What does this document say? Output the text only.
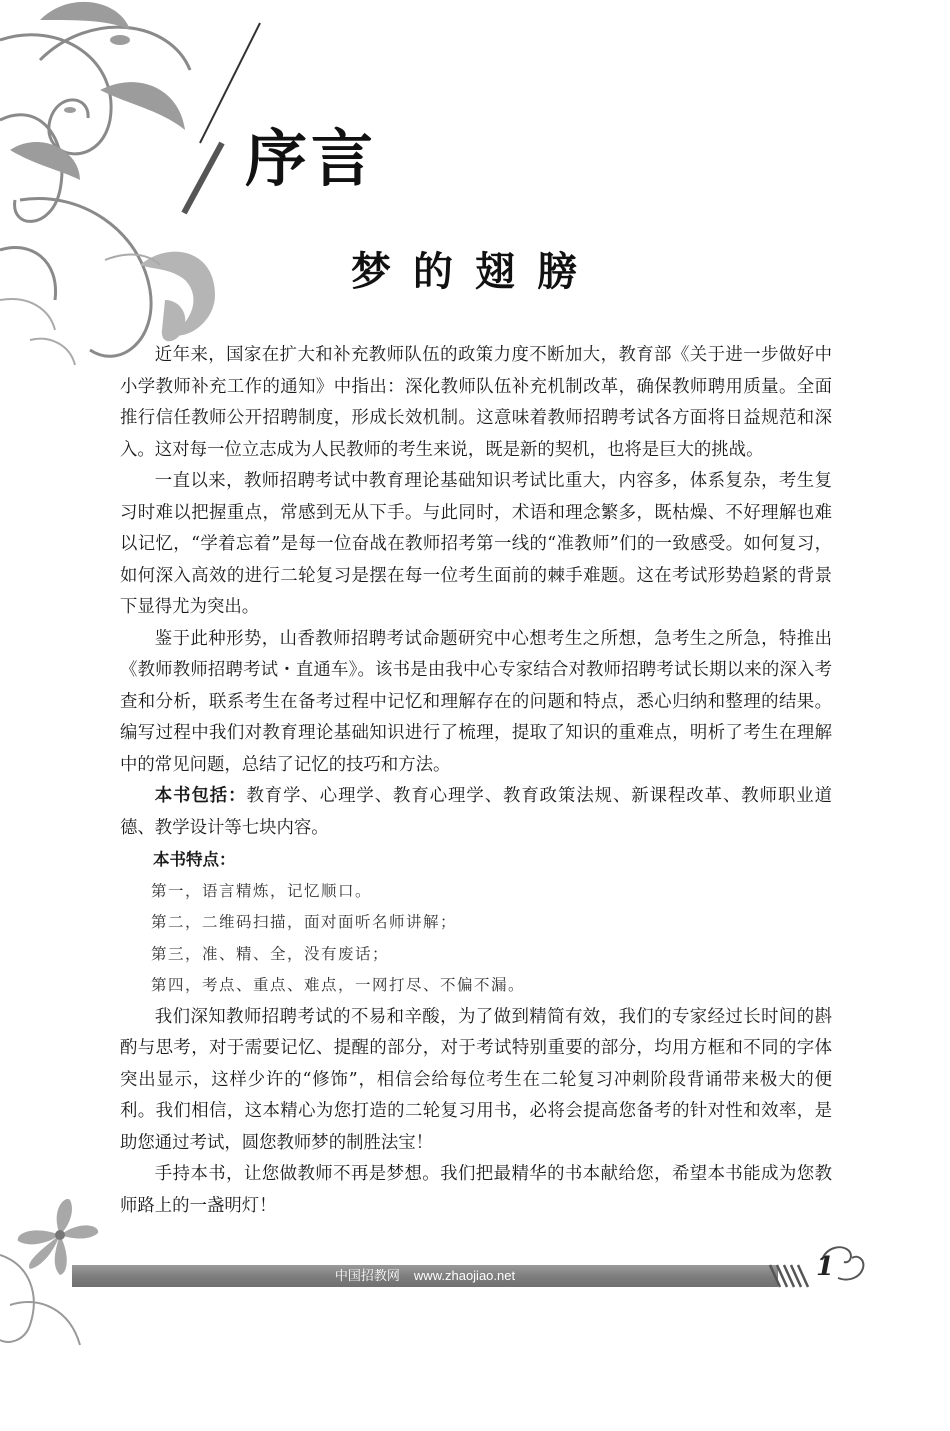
序言
梦的翅膀

近年来，国家在扩大和补充教师队伍的政策力度不断加大，教育部《关于进一步做好中小学教师补充工作的通知》中指出：深化教师队伍补充机制改革，确保教师聘用质量。全面推行信任教师公开招聘制度，形成长效机制。这意味着教师招聘考试各方面将日益规范和深入。这对每一位立志成为人民教师的考生来说，既是新的契机，也将是巨大的挑战。

一直以来，教师招聘考试中教育理论基础知识考试比重大，内容多，体系复杂，考生复习时难以把握重点，常感到无从下手。与此同时，术语和理念繁多，既枯燥、不好理解也难以记忆，“学着忘着”是每一位奋战在教师招考第一线的“准教师”们的一致感受。如何复习，如何深入高效的进行二轮复习是摆在每一位考生面前的棘手难题。这在考试形势趋紧的背景下显得尤为突出。

鉴于此种形势，山香教师招聘考试命题研究中心想考生之所想，急考生之所急，特推出《教师教师招聘考试・直通车》。该书是由我中心专家结合对教师招聘考试长期以来的深入考查和分析，联系考生在备考过程中记忆和理解存在的问题和特点，悉心归纳和整理的结果。编写过程中我们对教育理论基础知识进行了梳理，提取了知识的重难点，明析了考生在理解中的常见问题，总结了记忆的技巧和方法。

本书包括：教育学、心理学、教育心理学、教育政策法规、新课程改革、教师职业道德、教学设计等七块内容。

本书特点：

第一，语言精炼，记忆顺口。
第二，二维码扫描，面对面听名师讲解；
第三，准、精、全，没有废话；
第四，考点、重点、难点，一网打尽、不偏不漏。

我们深知教师招聘考试的不易和辛酸，为了做到精简有效，我们的专家经过长时间的斟酌与思考，对于需要记忆、提醒的部分，对于考试特别重要的部分，均用方框和不同的字体突出显示，这样少许的“修饰”，相信会给每位考生在二轮复习冲刺阶段背诵带来极大的便利。我们相信，这本精心为您打造的二轮复习用书，必将会提高您备考的针对性和效率，是助您通过考试，圆您教师梦的制胜法宝！

手持本书，让您做教师不再是梦想。我们把最精华的书本献给您，希望本书能成为您教师路上的一盏明灯！

中国招教网 www.zhaojiao.net	1
